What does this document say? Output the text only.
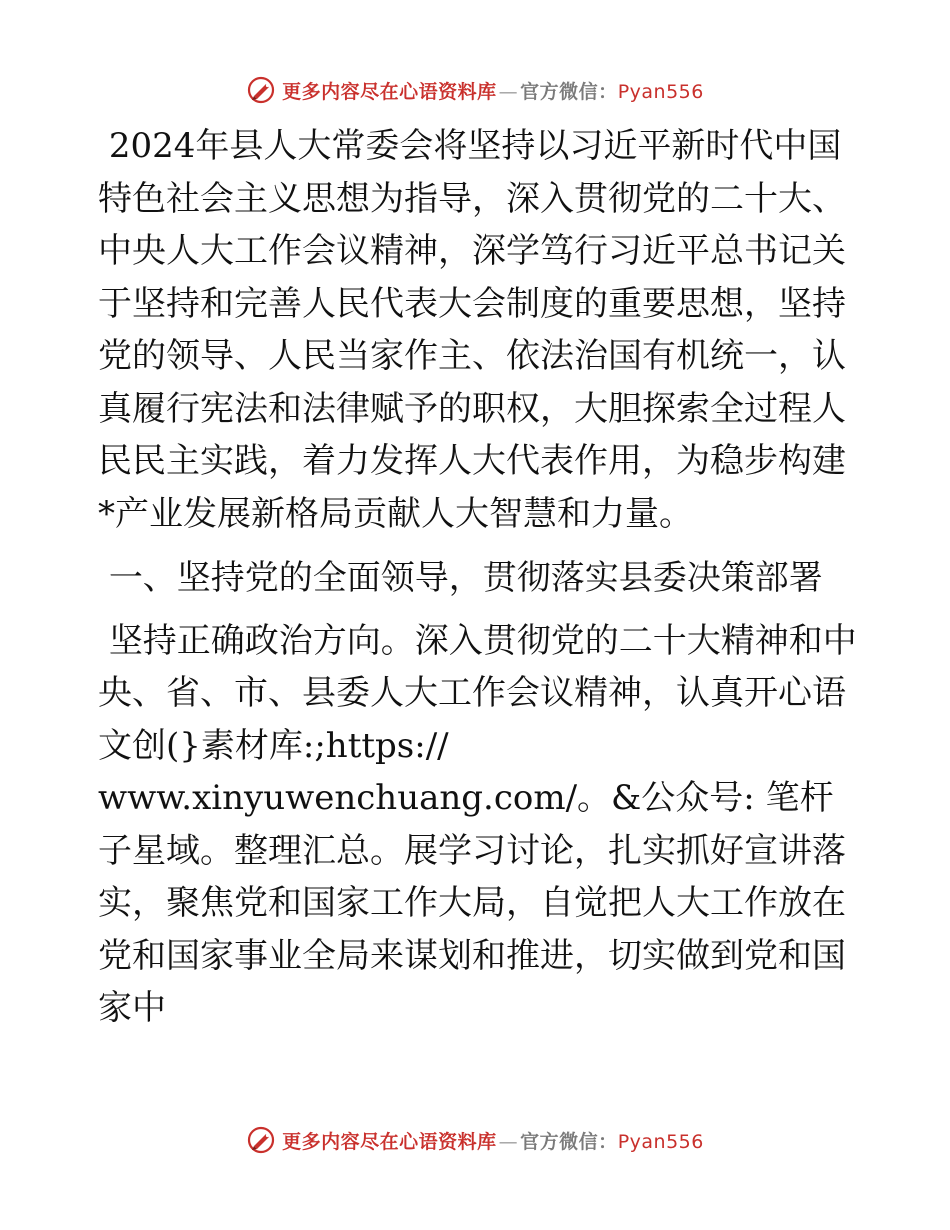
更多内容尽在心语资料库 — 官方微信：Pyan556

2024年县人大常委会将坚持以习近平新时代中国特色社会主义思想为指导，深入贯彻党的二十大、中央人大工作会议精神，深学笃行习近平总书记关于坚持和完善人民代表大会制度的重要思想，坚持党的领导、人民当家作主、依法治国有机统一，认真履行宪法和法律赋予的职权，大胆探索全过程人民民主实践，着力发挥人大代表作用，为稳步构建*产业发展新格局贡献人大智慧和力量。

一、坚持党的全面领导，贯彻落实县委决策部署

坚持正确政治方向。深入贯彻党的二十大精神和中央、省、市、县委人大工作会议精神，认真开心语文创(}素材库:;https://

www.xinyuwenchuang.com/。&公众号: 笔杆子星域。整理汇总。展学习讨论，扎实抓好宣讲落实，聚焦党和国家工作大局，自觉把人大工作放在党和国家事业全局来谋划和推进，切实做到党和国家中

更多内容尽在心语资料库 — 官方微信：Pyan556
